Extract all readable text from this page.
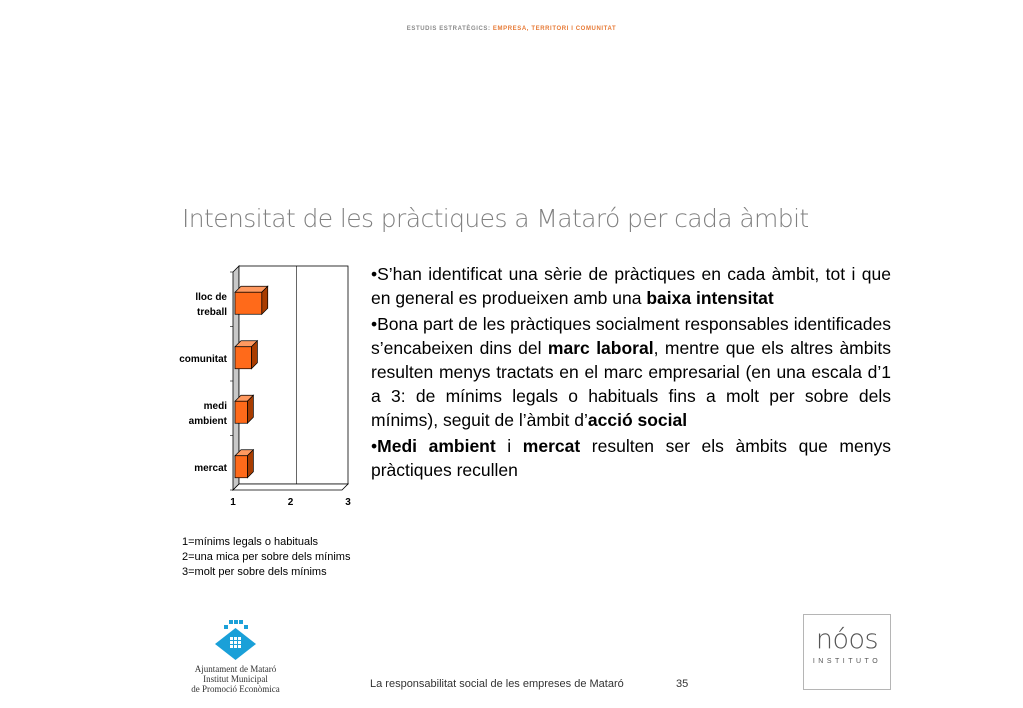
ESTUDIS ESTRATÈGICS: EMPRESA, TERRITORI I COMUNITAT
Intensitat de les pràctiques a Mataró per cada àmbit
1	2	3
lloc de
treball
comunitat
medi
ambient
mercat
1=mínims legals o habituals
2=una mica per sobre dels mínims
3=molt per sobre dels mínims

•S’han identificat una sèrie de pràctiques en cada àmbit, tot i que en general es produeixen amb una baixa intensitat

•Bona part de les pràctiques socialment responsables identificades s’encabeixen dins del marc laboral, mentre que els altres àmbits resulten menys tractats en el marc empresarial (en una escala d’1 a 3: de mínims legals o habituals fins a molt per sobre dels mínims), seguit de l’àmbit d’acció social

•Medi ambient i mercat resulten ser els àmbits que menys pràctiques recullen

Ajuntament de Mataró
Institut Municipal
de Promoció Econòmica	La responsabilitat social de les empreses de Mataró	35
nóos
INSTITUTO
